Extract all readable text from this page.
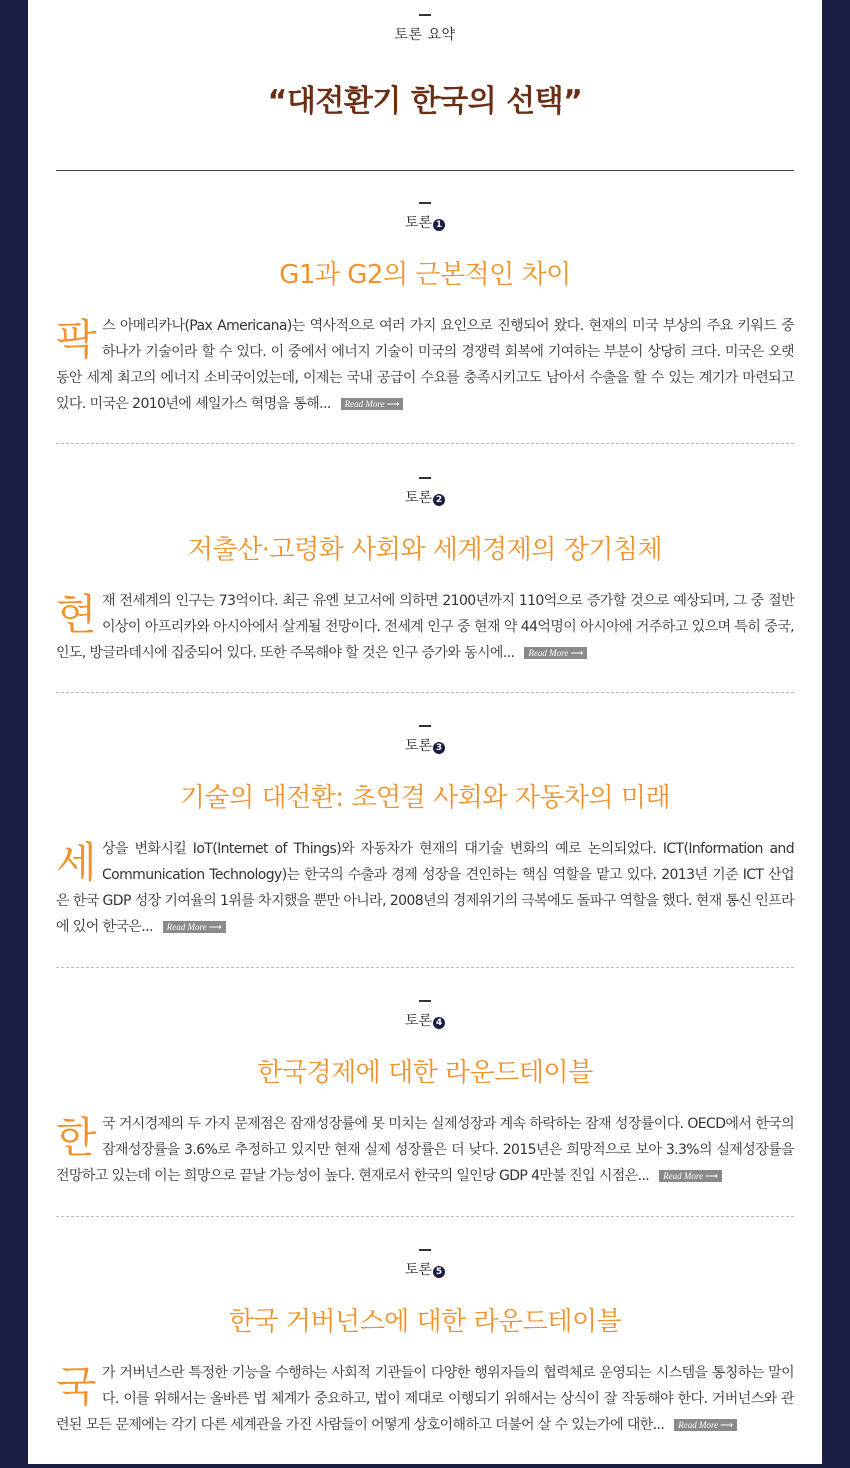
토론 요약
“대전환기 한국의 선택”
토론 1
G1과 G2의 근본적인 차이
팍스 아메리카나(Pax Americana)는 역사적으로 여러 가지 요인으로 진행되어 왔다. 현재의 미국 부상의 주요 키워드 중 하나가 기술이라 할 수 있다. 이 중에서 에너지 기술이 미국의 경쟁력 회복에 기여하는 부분이 상당히 크다. 미국은 오랫동안 세계 최고의 에너지 소비국이었는데, 이제는 국내 공급이 수요를 충족시키고도 남아서 수출을 할 수 있는 계기가 마련되고 있다. 미국은 2010년에 셰일가스 혁명을 통해... Read More ⟶
토론 2
저출산·고령화 사회와 세계경제의 장기침체
현재 전세계의 인구는 73억이다. 최근 유엔 보고서에 의하면 2100년까지 110억으로 증가할 것으로 예상되며, 그 중 절반 이상이 아프리카와 아시아에서 살게될 전망이다. 전세계 인구 중 현재 약 44억명이 아시아에 거주하고 있으며 특히 중국, 인도, 방글라데시에 집중되어 있다. 또한 주목해야 할 것은 인구 증가와 동시에... Read More ⟶
토론 3
기술의 대전환: 초연결 사회와 자동차의 미래
세상을 변화시킬 IoT(Internet of Things)와 자동차가 현재의 대기술 변화의 예로 논의되었다. ICT(Information and Communication Technology)는 한국의 수출과 경제 성장을 견인하는 핵심 역할을 맡고 있다. 2013년 기준 ICT 산업은 한국 GDP 성장 기여율의 1위를 차지했을 뿐만 아니라, 2008년의 경제위기의 극복에도 돌파구 역할을 했다. 현재 통신 인프라에 있어 한국은... Read More ⟶
토론 4
한국경제에 대한 라운드테이블
한국 거시경제의 두 가지 문제점은 잠재성장률에 못 미치는 실제성장과 계속 하락하는 잠재 성장률이다. OECD에서 한국의 잠재성장률을 3.6%로 추정하고 있지만 현재 실제 성장률은 더 낮다. 2015년은 희망적으로 보아 3.3%의 실제성장률을 전망하고 있는데 이는 희망으로 끝날 가능성이 높다. 현재로서 한국의 일인당 GDP 4만불 진입 시점은... Read More ⟶
토론 5
한국 거버넌스에 대한 라운드테이블
국가 거버넌스란 특정한 기능을 수행하는 사회적 기관들이 다양한 행위자들의 협력체로 운영되는 시스템을 통칭하는 말이다. 이를 위해서는 올바른 법 체계가 중요하고, 법이 제대로 이행되기 위해서는 상식이 잘 작동해야 한다. 거버넌스와 관련된 모든 문제에는 각기 다른 세계관을 가진 사람들이 어떻게 상호이해하고 더불어 살 수 있는가에 대한... Read More ⟶
